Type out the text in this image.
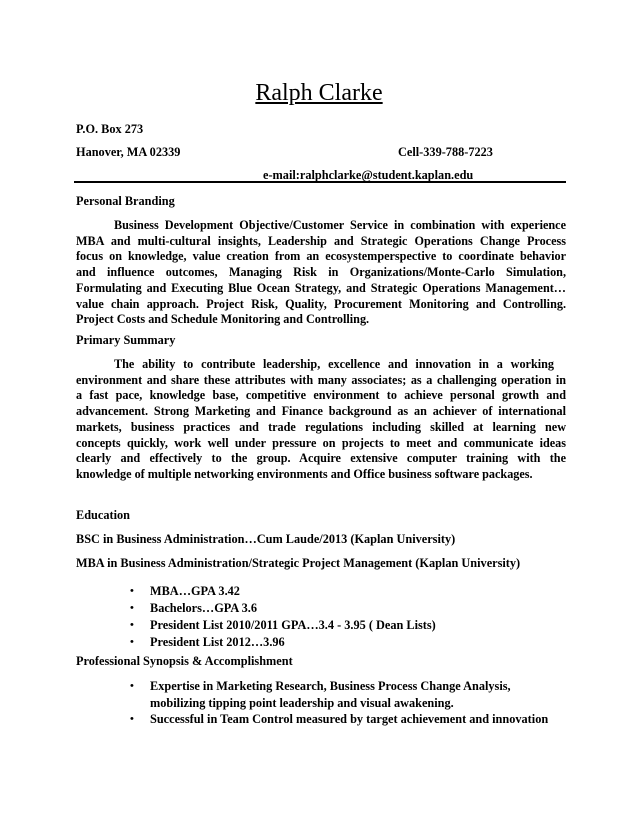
Ralph Clarke
P.O. Box 273
Hanover, MA 02339	Cell-339-788-7223
e-mail:ralphclarke@student.kaplan.edu
Personal Branding
Business Development Objective/Customer Service in combination with experience
MBA and multi-cultural insights, Leadership and Strategic Operations Change Process
focus on knowledge, value creation from an ecosystemperspective to coordinate behavior
and influence outcomes, Managing Risk in Organizations/Monte-Carlo Simulation,
Formulating and Executing Blue Ocean Strategy, and Strategic Operations Management…
value chain approach. Project Risk, Quality, Procurement Monitoring and Controlling.
Project Costs and Schedule Monitoring and Controlling.
Primary Summary
The ability to contribute leadership, excellence and innovation in a working
environment and share these attributes with many associates; as a challenging operation in
a fast pace, knowledge base, competitive environment to achieve personal growth and
advancement. Strong Marketing and Finance background as an achiever of international
markets, business practices and trade regulations including skilled at learning new
concepts quickly, work well under pressure on projects to meet and communicate ideas
clearly and effectively to the group. Acquire extensive computer training with the
knowledge of multiple networking environments and Office business software packages.
Education
BSC in Business Administration…Cum Laude/2013 (Kaplan University)
MBA in Business Administration/Strategic Project Management (Kaplan University)
• MBA…GPA 3.42
• Bachelors…GPA 3.6
• President List 2010/2011 GPA…3.4 - 3.95 ( Dean Lists)
• President List 2012…3.96
Professional Synopsis & Accomplishment
• Expertise in Marketing Research, Business Process Change Analysis,
mobilizing tipping point leadership and visual awakening.
• Successful in Team Control measured by target achievement and innovation
